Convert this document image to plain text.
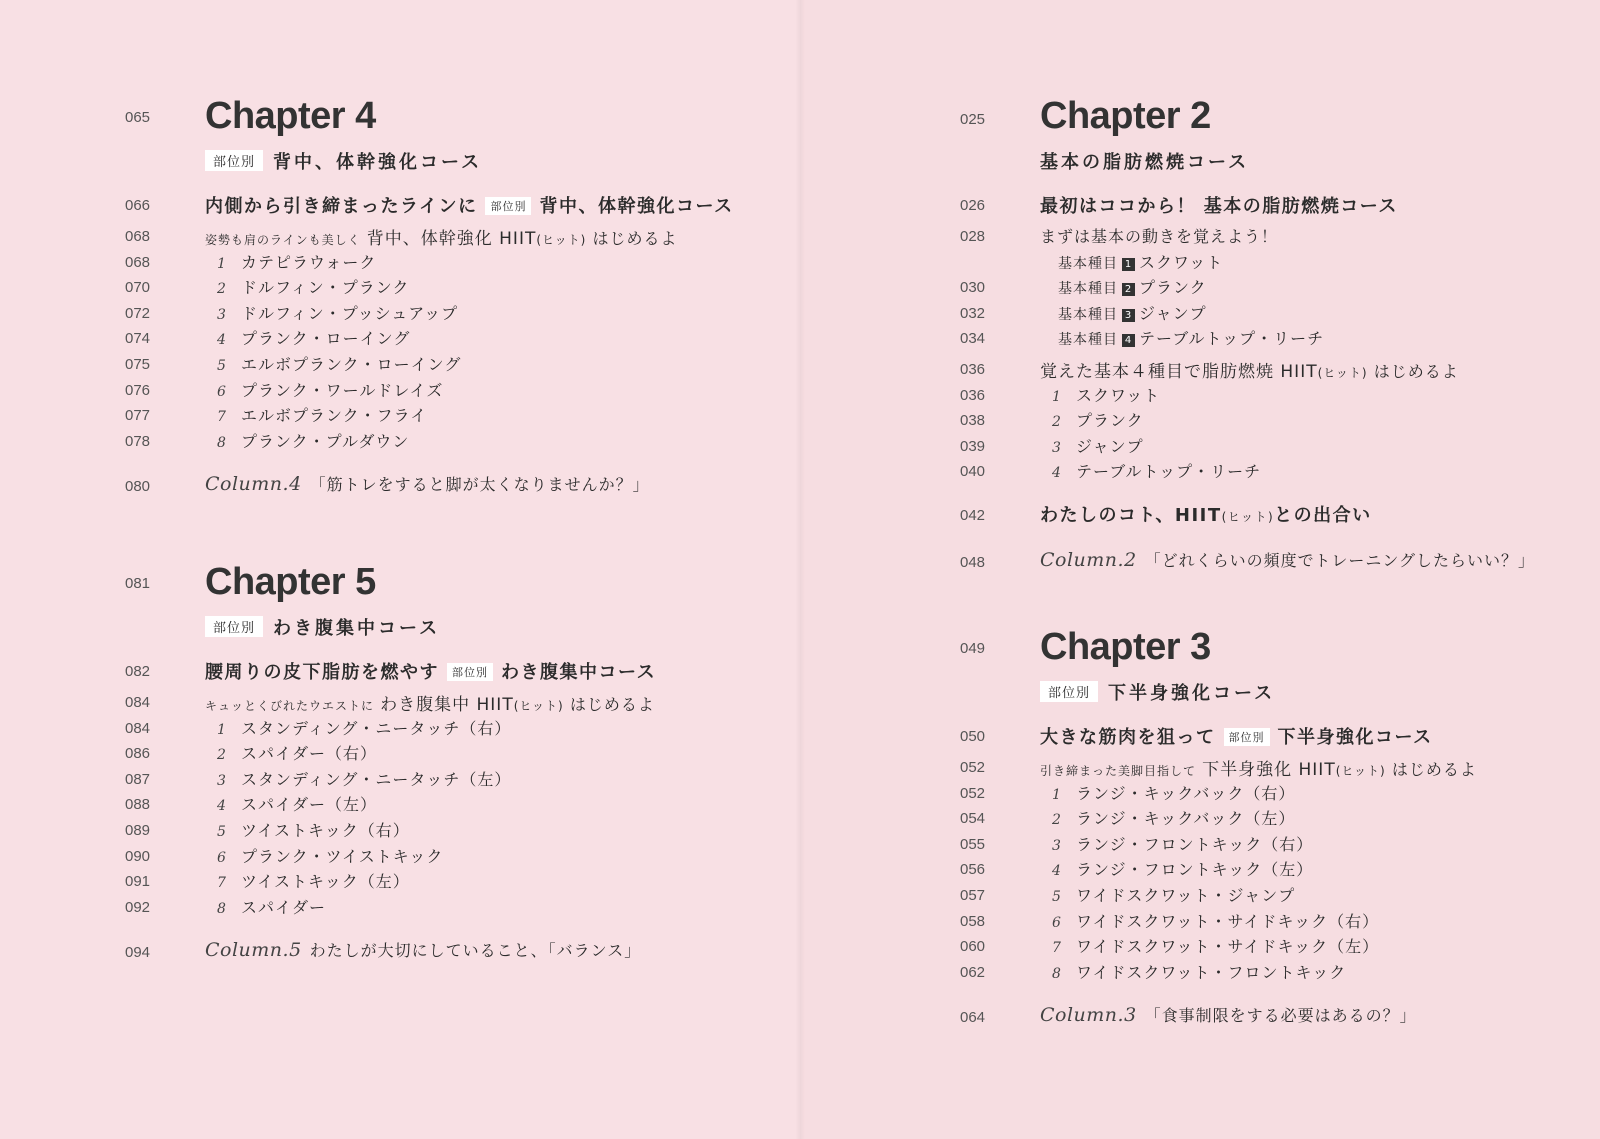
065 Chapter 4
部位別 背中、体幹強化コース
066	内側から引き締まったラインに 部位別 背中、体幹強化コース
068	姿勢も肩のラインも美しく 背中、体幹強化 HIIT(ヒット) はじめるよ
068	1 カテピラウォーク
070	2 ドルフィン・プランク
072	3 ドルフィン・プッシュアップ
074	4 プランク・ローイング
075	5 エルボプランク・ローイング
076	6 プランク・ワールドレイズ
077	7 エルボプランク・フライ
078	8 プランク・プルダウン
080	Column.4 「筋トレをすると脚が太くなりませんか？」
081 Chapter 5
部位別 わき腹集中コース
082	腰周りの皮下脂肪を燃やす 部位別 わき腹集中コース
084	キュッとくびれたウエストに わき腹集中 HIIT(ヒット) はじめるよ
084	1 スタンディング・ニータッチ（右）
086	2 スパイダー（右）
087	3 スタンディング・ニータッチ（左）
088	4 スパイダー（左）
089	5 ツイストキック（右）
090	6 プランク・ツイストキック
091	7 ツイストキック（左）
092	8 スパイダー
094	Column.5 わたしが大切にしていること、「バランス」
025 Chapter 2
基本の脂肪燃焼コース
026	最初はココから！ 基本の脂肪燃焼コース
028	まずは基本の動きを覚えよう！
基本種目 1 スクワット
030	基本種目 2 プランク
032	基本種目 3 ジャンプ
034	基本種目 4 テーブルトップ・リーチ
036	覚えた基本４種目で脂肪燃焼 HIIT(ヒット) はじめるよ
036	1 スクワット
038	2 プランク
039	3 ジャンプ
040	4 テーブルトップ・リーチ
042	わたしのコト、HIIT(ヒット)との出合い
048	Column.2 「どれくらいの頻度でトレーニングしたらいい？」
049 Chapter 3
部位別 下半身強化コース
050	大きな筋肉を狙って 部位別 下半身強化コース
052	引き締まった美脚目指して 下半身強化 HIIT(ヒット) はじめるよ
052	1 ランジ・キックバック（右）
054	2 ランジ・キックバック（左）
055	3 ランジ・フロントキック（右）
056	4 ランジ・フロントキック（左）
057	5 ワイドスクワット・ジャンプ
058	6 ワイドスクワット・サイドキック（右）
060	7 ワイドスクワット・サイドキック（左）
062	8 ワイドスクワット・フロントキック
064	Column.3 「食事制限をする必要はあるの？」
